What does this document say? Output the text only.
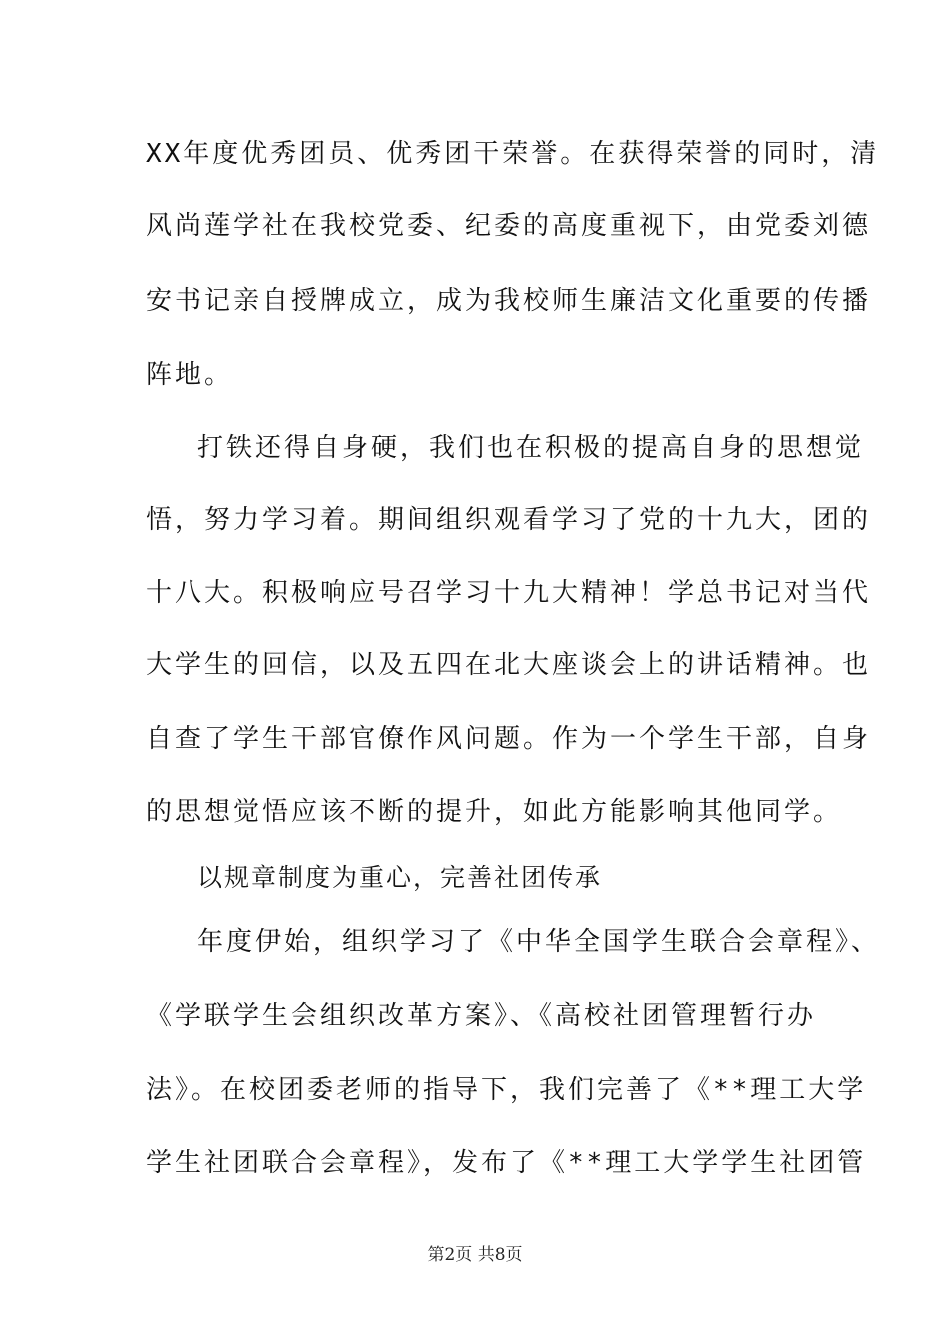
XX年度优秀团员、优秀团干荣誉。在获得荣誉的同时，清
风尚莲学社在我校党委、纪委的高度重视下，由党委刘德
安书记亲自授牌成立，成为我校师生廉洁文化重要的传播
阵地。
打铁还得自身硬，我们也在积极的提高自身的思想觉
悟，努力学习着。期间组织观看学习了党的十九大，团的
十八大。积极响应号召学习十九大精神！学总书记对当代
大学生的回信，以及五四在北大座谈会上的讲话精神。也
自查了学生干部官僚作风问题。作为一个学生干部，自身
的思想觉悟应该不断的提升，如此方能影响其他同学。
以规章制度为重心，完善社团传承
年度伊始，组织学习了《中华全国学生联合会章程》、
《学联学生会组织改革方案》、《高校社团管理暂行办
法》。在校团委老师的指导下，我们完善了《**理工大学
学生社团联合会章程》，发布了《**理工大学学生社团管
第2页 共8页
